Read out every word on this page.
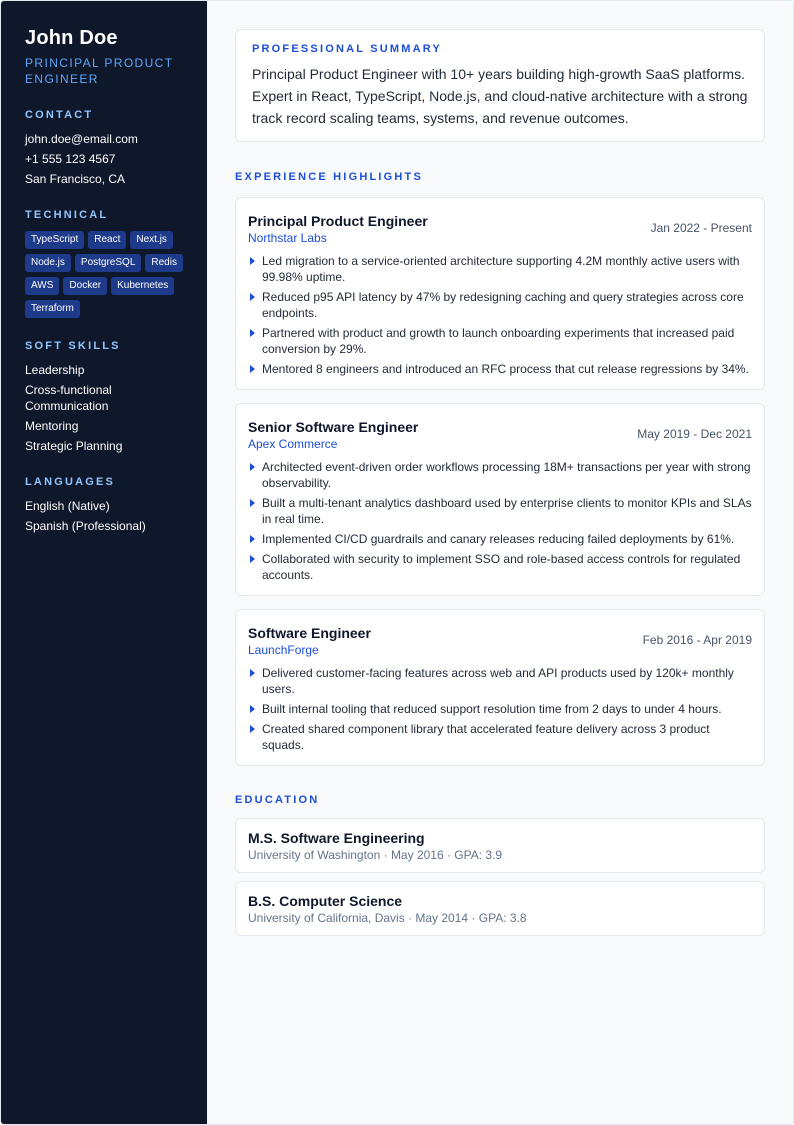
John Doe
PRINCIPAL PRODUCT ENGINEER
CONTACT
john.doe@email.com
+1 555 123 4567
San Francisco, CA
TECHNICAL
TypeScript	React	Next.js
Node.js	PostgreSQL	Redis
AWS	Docker	Kubernetes
Terraform
SOFT SKILLS
Leadership
Cross-functional Communication
Mentoring
Strategic Planning
LANGUAGES
English (Native)
Spanish (Professional)
PROFESSIONAL SUMMARY

Principal Product Engineer with 10+ years building high-growth SaaS platforms. Expert in React, TypeScript, Node.js, and cloud-native architecture with a strong track record scaling teams, systems, and revenue outcomes.

EXPERIENCE HIGHLIGHTS
Principal Product Engineer
Northstar Labs
Jan 2022 - Present
Led migration to a service-oriented architecture supporting 4.2M monthly active users with 99.98% uptime.
Reduced p95 API latency by 47% by redesigning caching and query strategies across core endpoints.
Partnered with product and growth to launch onboarding experiments that increased paid conversion by 29%.
Mentored 8 engineers and introduced an RFC process that cut release regressions by 34%.
Senior Software Engineer
Apex Commerce
May 2019 - Dec 2021
Architected event-driven order workflows processing 18M+ transactions per year with strong observability.
Built a multi-tenant analytics dashboard used by enterprise clients to monitor KPIs and SLAs in real time.
Implemented CI/CD guardrails and canary releases reducing failed deployments by 61%.
Collaborated with security to implement SSO and role-based access controls for regulated accounts.
Software Engineer
LaunchForge
Feb 2016 - Apr 2019
Delivered customer-facing features across web and API products used by 120k+ monthly users.
Built internal tooling that reduced support resolution time from 2 days to under 4 hours.
Created shared component library that accelerated feature delivery across 3 product squads.
EDUCATION
M.S. Software Engineering
University of Washington · May 2016 · GPA: 3.9
B.S. Computer Science
University of California, Davis · May 2014 · GPA: 3.8
